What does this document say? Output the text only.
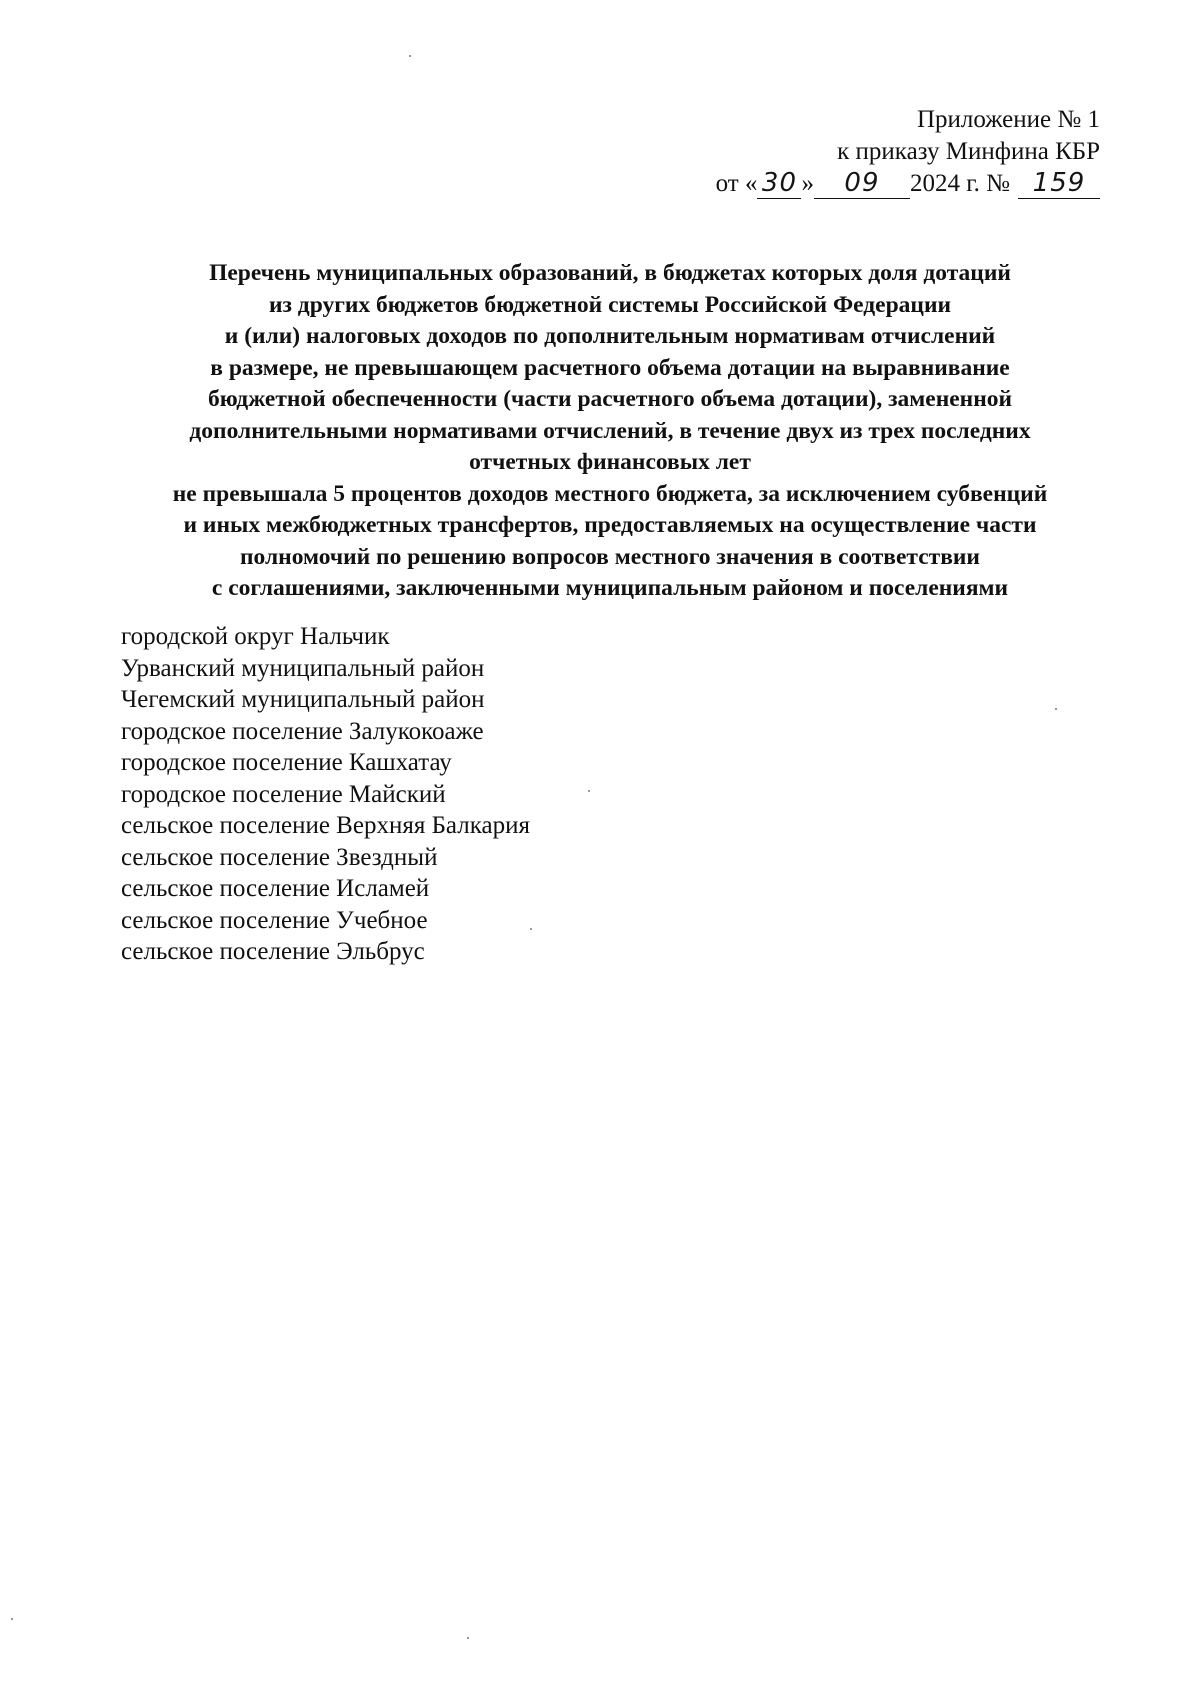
Приложение № 1
к приказу Минфина КБР
от « 30 »	09	2024 г. № 159
Перечень муниципальных образований, в бюджетах которых доля дотаций
из других бюджетов бюджетной системы Российской Федерации
и (или) налоговых доходов по дополнительным нормативам отчислений
в размере, не превышающем расчетного объема дотации на выравнивание
бюджетной обеспеченности (части расчетного объема дотации), замененной
дополнительными нормативами отчислений, в течение двух из трех последних
отчетных финансовых лет
не превышала 5 процентов доходов местного бюджета, за исключением субвенций
и иных межбюджетных трансфертов, предоставляемых на осуществление части
полномочий по решению вопросов местного значения в соответствии
с соглашениями, заключенными муниципальным районом и поселениями
городской округ Нальчик
Урванский муниципальный район
Чегемский муниципальный район
городское поселение Залукокоаже
городское поселение Кашхатау
городское поселение Майский
сельское поселение Верхняя Балкария
сельское поселение Звездный
сельское поселение Исламей
сельское поселение Учебное
сельское поселение Эльбрус
